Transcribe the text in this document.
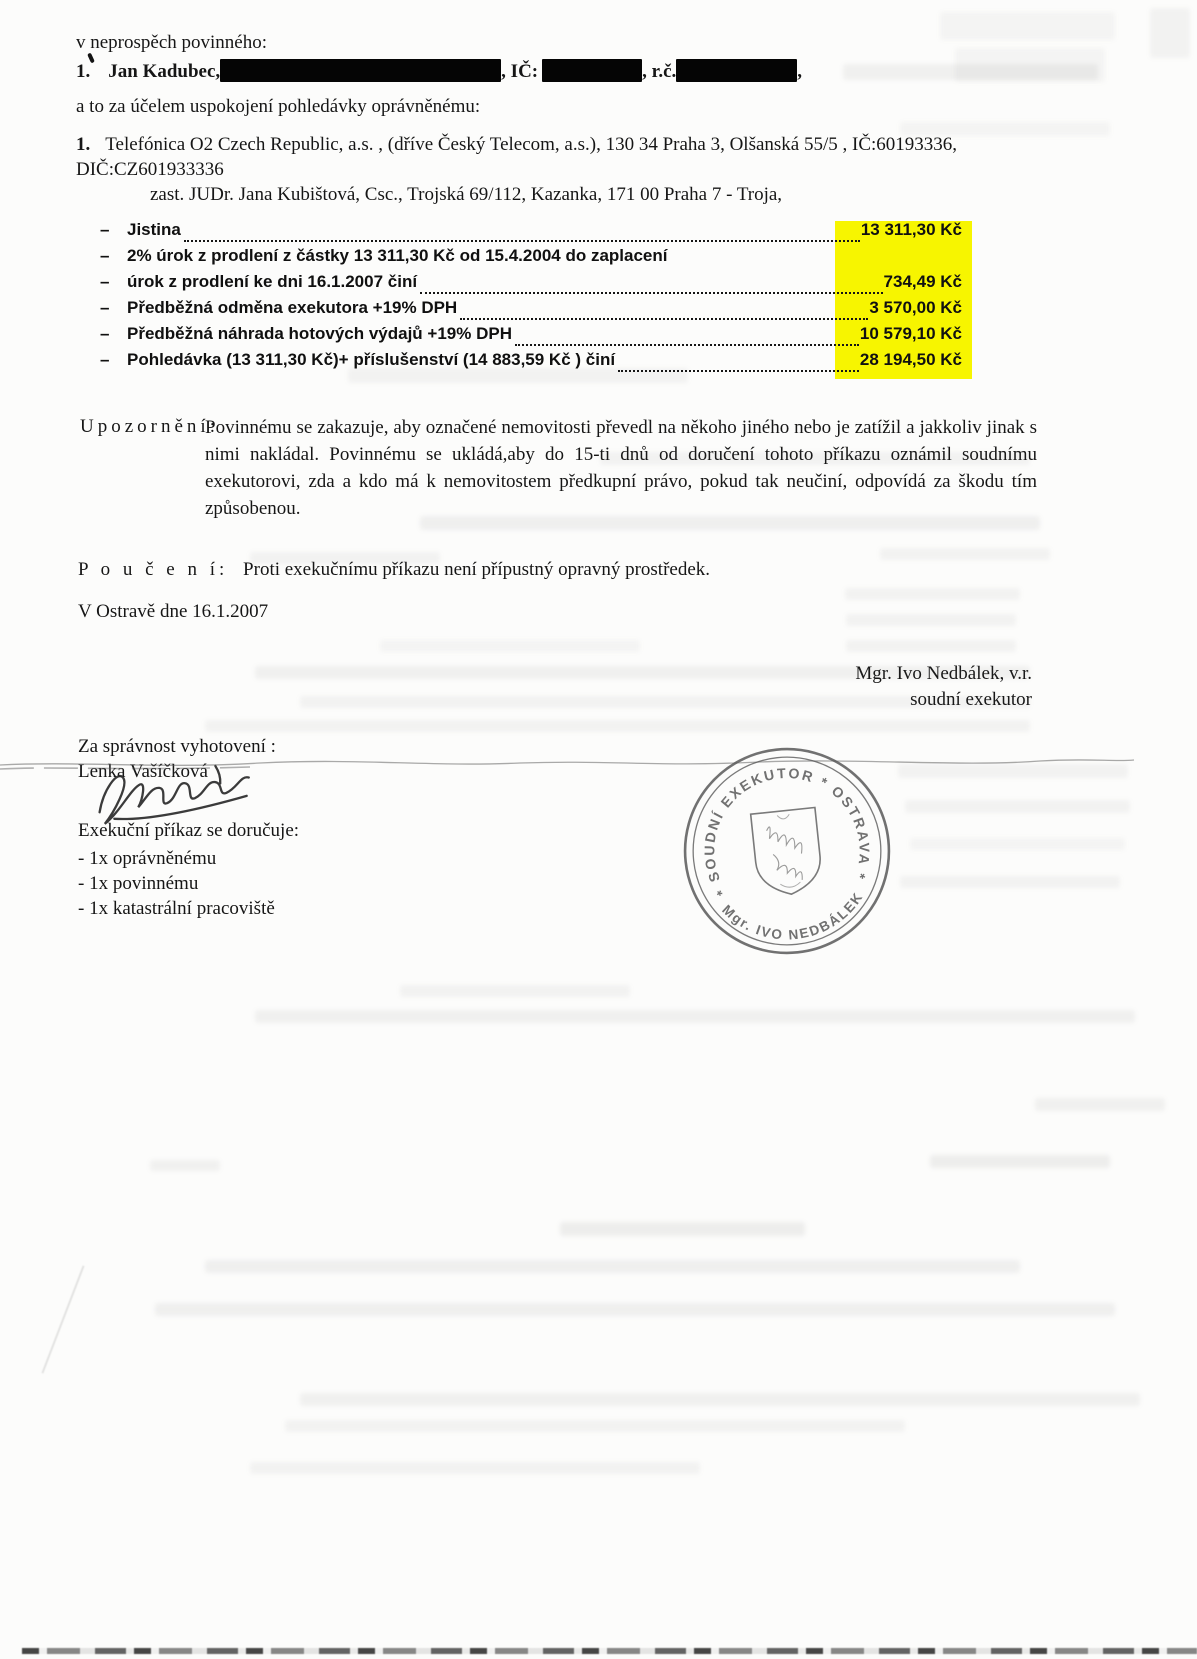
v neprospěch povinného:
1. Jan Kadubec,	, IČ:	, r.č.	,
a to za účelem uspokojení pohledávky oprávněnému:
1. Telefónica O2 Czech Republic, a.s. , (dříve Český Telecom, a.s.), 130 34 Praha 3, Olšanská 55/5 , IČ:60193336,
DIČ:CZ601933336
zast. JUDr. Jana Kubištová, Csc., Trojská 69/112, Kazanka, 171 00 Praha 7 - Troja,
–	Jistina	13 311,30 Kč
–	2% úrok z prodlení z částky 13 311,30 Kč od 15.4.2004 do zaplacení
–	úrok z prodlení ke dni 16.1.2007 činí	734,49 Kč
–	Předběžná odměna exekutora +19% DPH	3 570,00 Kč
–	Předběžná náhrada hotových výdajů +19% DPH	10 579,10 Kč
–	Pohledávka (13 311,30 Kč)+ příslušenství (14 883,59 Kč ) činí	28 194,50 Kč
Upozornění:
Povinnému se zakazuje, aby označené nemovitosti převedl na někoho jiného nebo je zatížil a jakkoliv jinak s nimi nakládal. Povinnému se ukládá,aby do 15-ti dnů od doručení tohoto příkazu oznámil soudnímu exekutorovi, zda a kdo má k nemovitostem předkupní právo, pokud tak neučiní, odpovídá za škodu tím způsobenou.
P o u č e n í: Proti exekučnímu příkazu není přípustný opravný prostředek.
V Ostravě dne 16.1.2007
Mgr. Ivo Nedbálek, v.r.
soudní exekutor
Za správnost vyhotovení :
Lenka Vašíčková
Exekuční příkaz se doručuje:
- 1x oprávněnému
- 1x povinnému
- 1x katastrální pracoviště
* SOUDNÍ EXEKUTOR * OSTRAVA *
Mgr. IVO NEDBÁLEK
